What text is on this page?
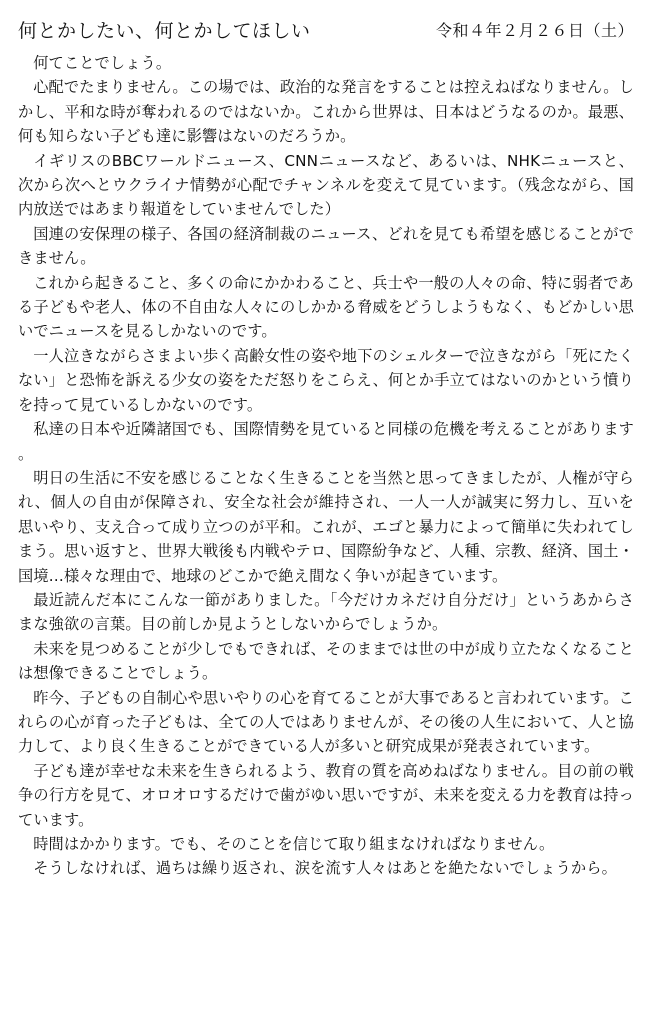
何とかしたい、何とかしてほしい	令和４年２月２６日（土）

何てことでしょう。

心配でたまりません。この場では、政治的な発言をすることは控えねばなりません。しかし、平和な時が奪われるのではないか。これから世界は、日本はどうなるのか。最悪、何も知らない子ども達に影響はないのだろうか。

イギリスのBBCワールドニュース、CNNニュースなど、あるいは、NHKニュースと、次から次へとウクライナ情勢が心配でチャンネルを変えて見ています。（残念ながら、国内放送ではあまり報道をしていませんでした）

国連の安保理の様子、各国の経済制裁のニュース、どれを見ても希望を感じることができません。

これから起きること、多くの命にかかわること、兵士や一般の人々の命、特に弱者である子どもや老人、体の不自由な人々にのしかかる脅威をどうしようもなく、もどかしい思いでニュースを見るしかないのです。

一人泣きながらさまよい歩く高齢女性の姿や地下のシェルターで泣きながら「死にたくない」と恐怖を訴える少女の姿をただ怒りをこらえ、何とか手立てはないのかという憤りを持って見ているしかないのです。

私達の日本や近隣諸国でも、国際情勢を見ていると同様の危機を考えることがあります。

明日の生活に不安を感じることなく生きることを当然と思ってきましたが、人権が守られ、個人の自由が保障され、安全な社会が維持され、一人一人が誠実に努力し、互いを思いやり、支え合って成り立つのが平和。これが、エゴと暴力によって簡単に失われてしまう。思い返すと、世界大戦後も内戦やテロ、国際紛争など、人種、宗教、経済、国土・国境…様々な理由で、地球のどこかで絶え間なく争いが起きています。

最近読んだ本にこんな一節がありました。「今だけカネだけ自分だけ」というあからさまな強欲の言葉。目の前しか見ようとしないからでしょうか。

未来を見つめることが少しでもできれば、そのままでは世の中が成り立たなくなることは想像できることでしょう。

昨今、子どもの自制心や思いやりの心を育てることが大事であると言われています。これらの心が育った子どもは、全ての人ではありませんが、その後の人生において、人と協力して、より良く生きることができている人が多いと研究成果が発表されています。

子ども達が幸せな未来を生きられるよう、教育の質を高めねばなりません。目の前の戦争の行方を見て、オロオロするだけで歯がゆい思いですが、未来を変える力を教育は持っています。

時間はかかります。でも、そのことを信じて取り組まなければなりません。

そうしなければ、過ちは繰り返され、涙を流す人々はあとを絶たないでしょうから。
